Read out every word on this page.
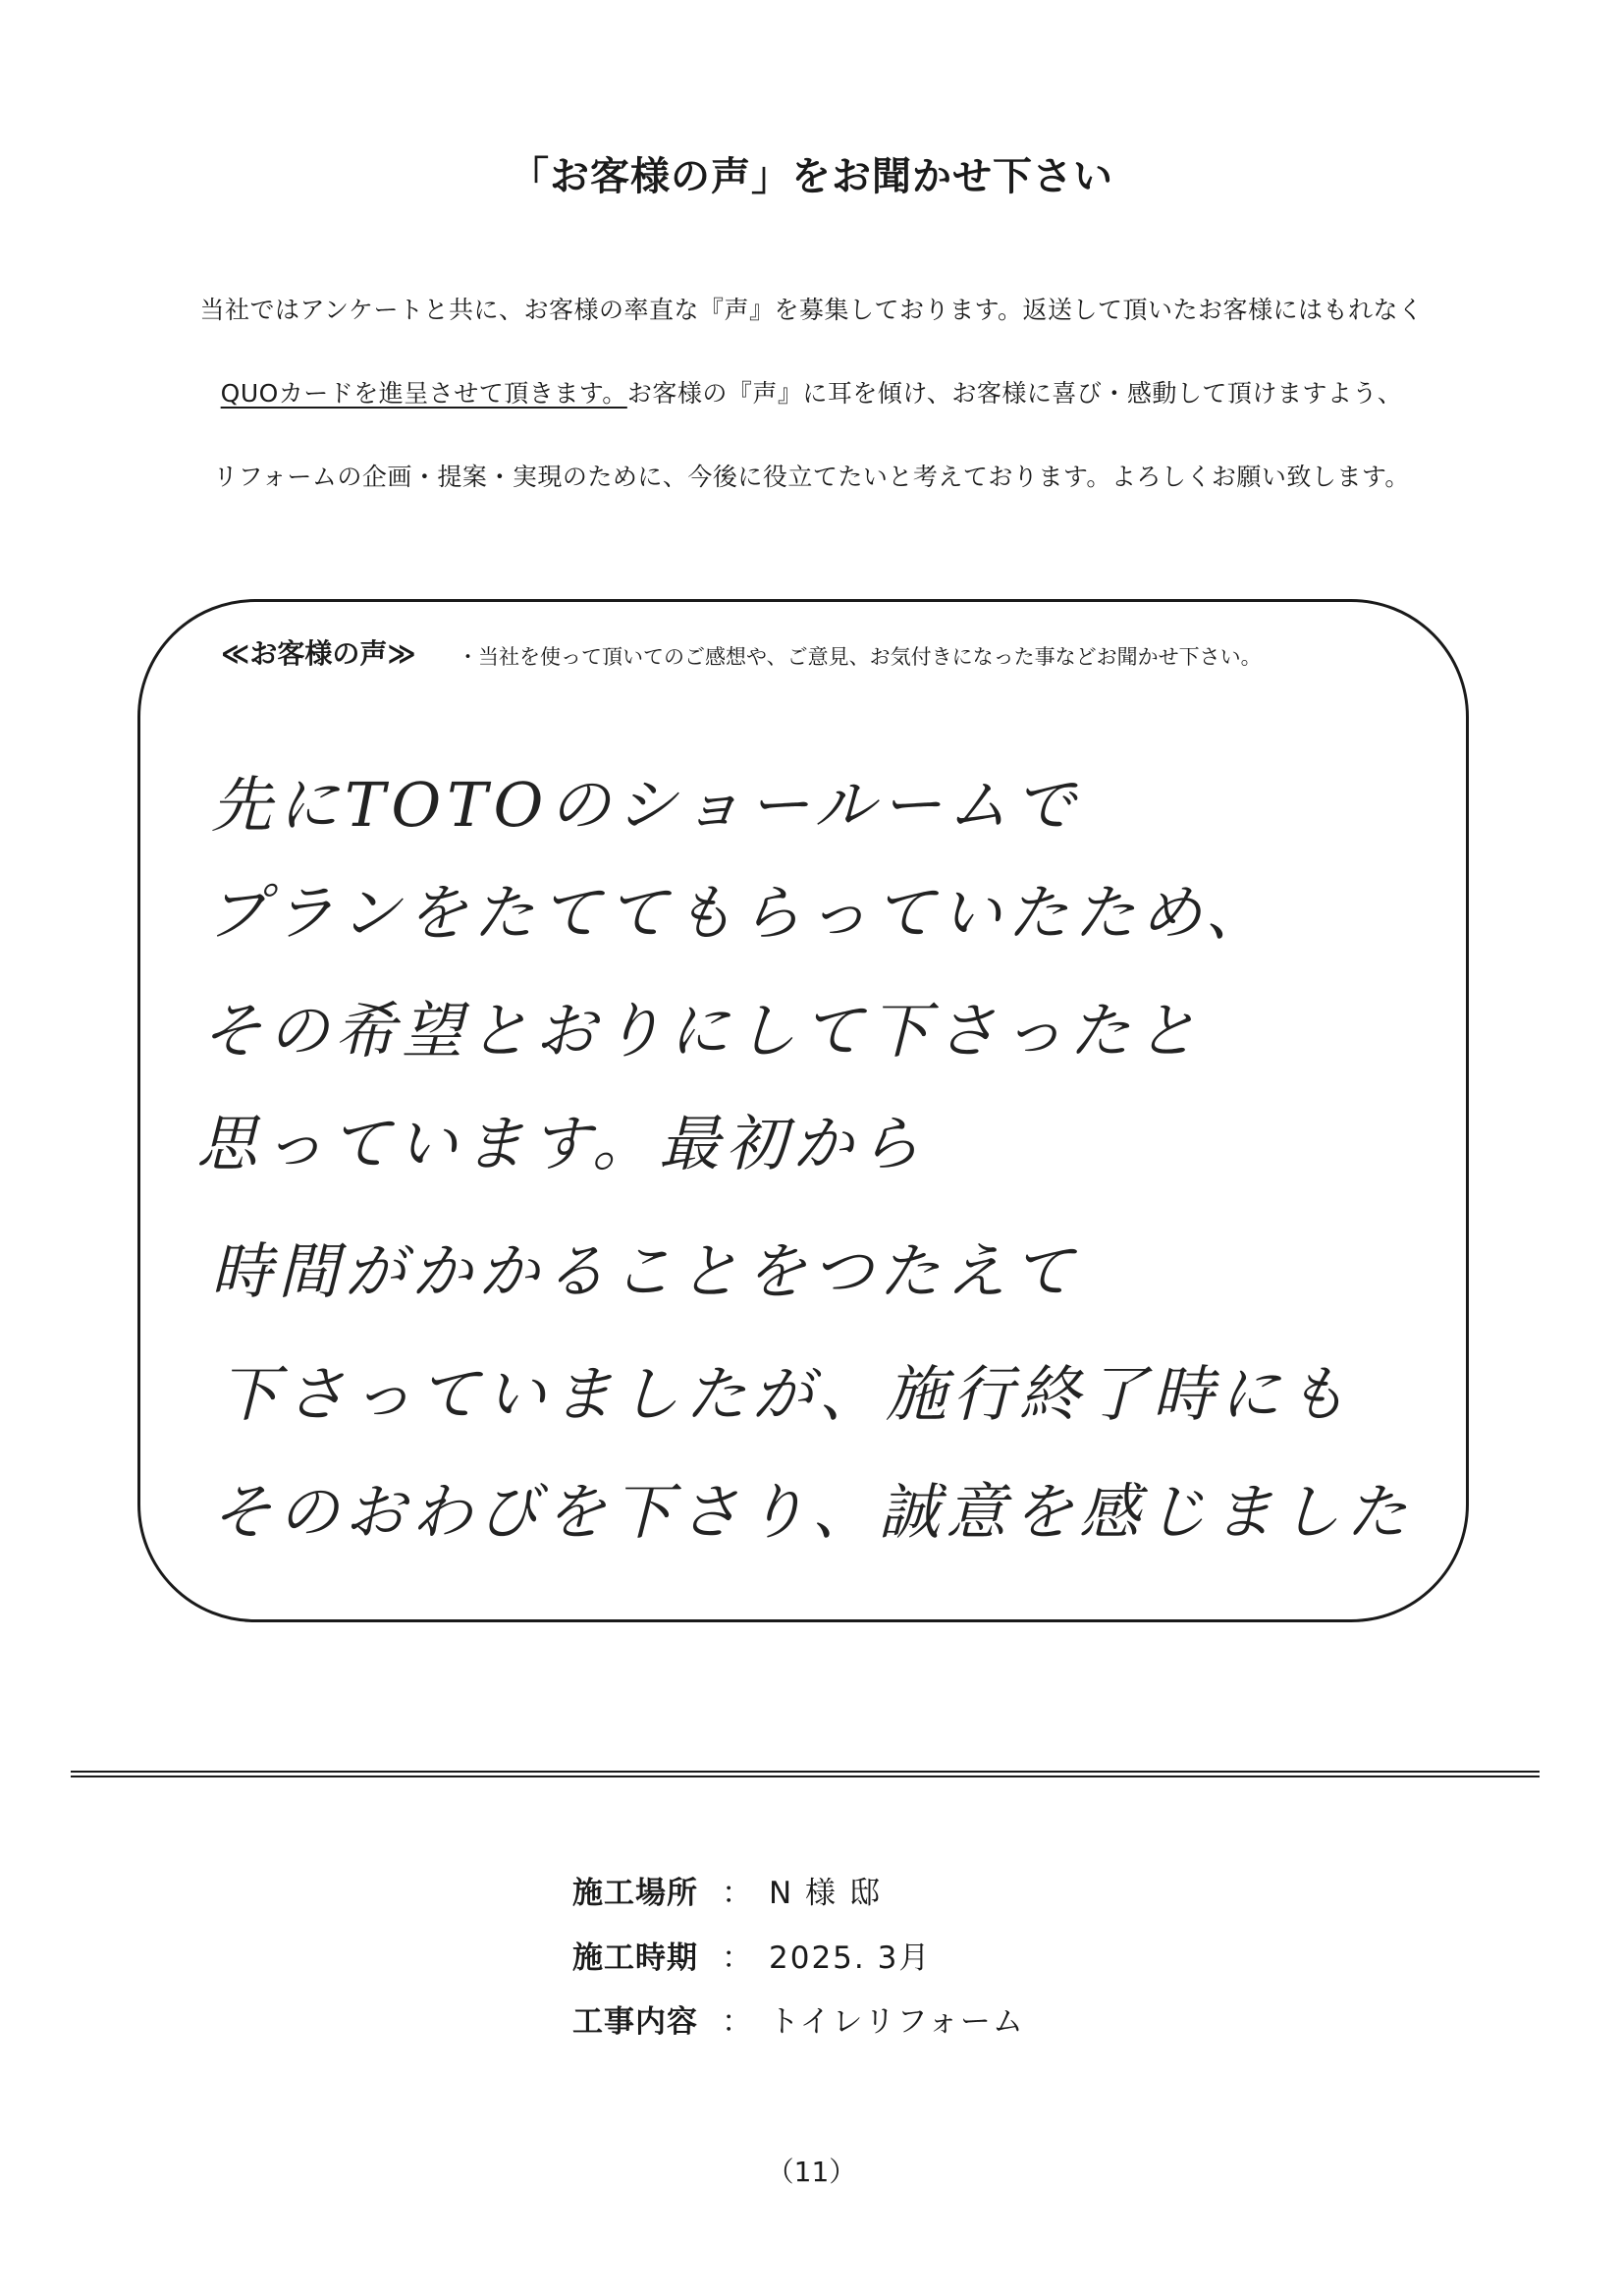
「お客様の声」をお聞かせ下さい
当社ではアンケートと共に、お客様の率直な『声』を募集しております。返送して頂いたお客様にはもれなく
QUOカードを進呈させて頂きます。お客様の『声』に耳を傾け、お客様に喜び・感動して頂けますよう、
リフォームの企画・提案・実現のために、今後に役立てたいと考えております。よろしくお願い致します。
≪お客様の声≫ ・当社を使って頂いてのご感想や、ご意見、お気付きになった事などお聞かせ下さい。
先にTOTOのショールームで
プランをたててもらっていたため、
その希望とおりにして下さったと
思っています。最初から
時間がかかることをつたえて
下さっていましたが、施行終了時にも
そのおわびを下さり、誠意を感じました
施工場所 ： N 様 邸
施工時期 ： 2025. 3月
工事内容 ： トイレリフォーム
（11）
